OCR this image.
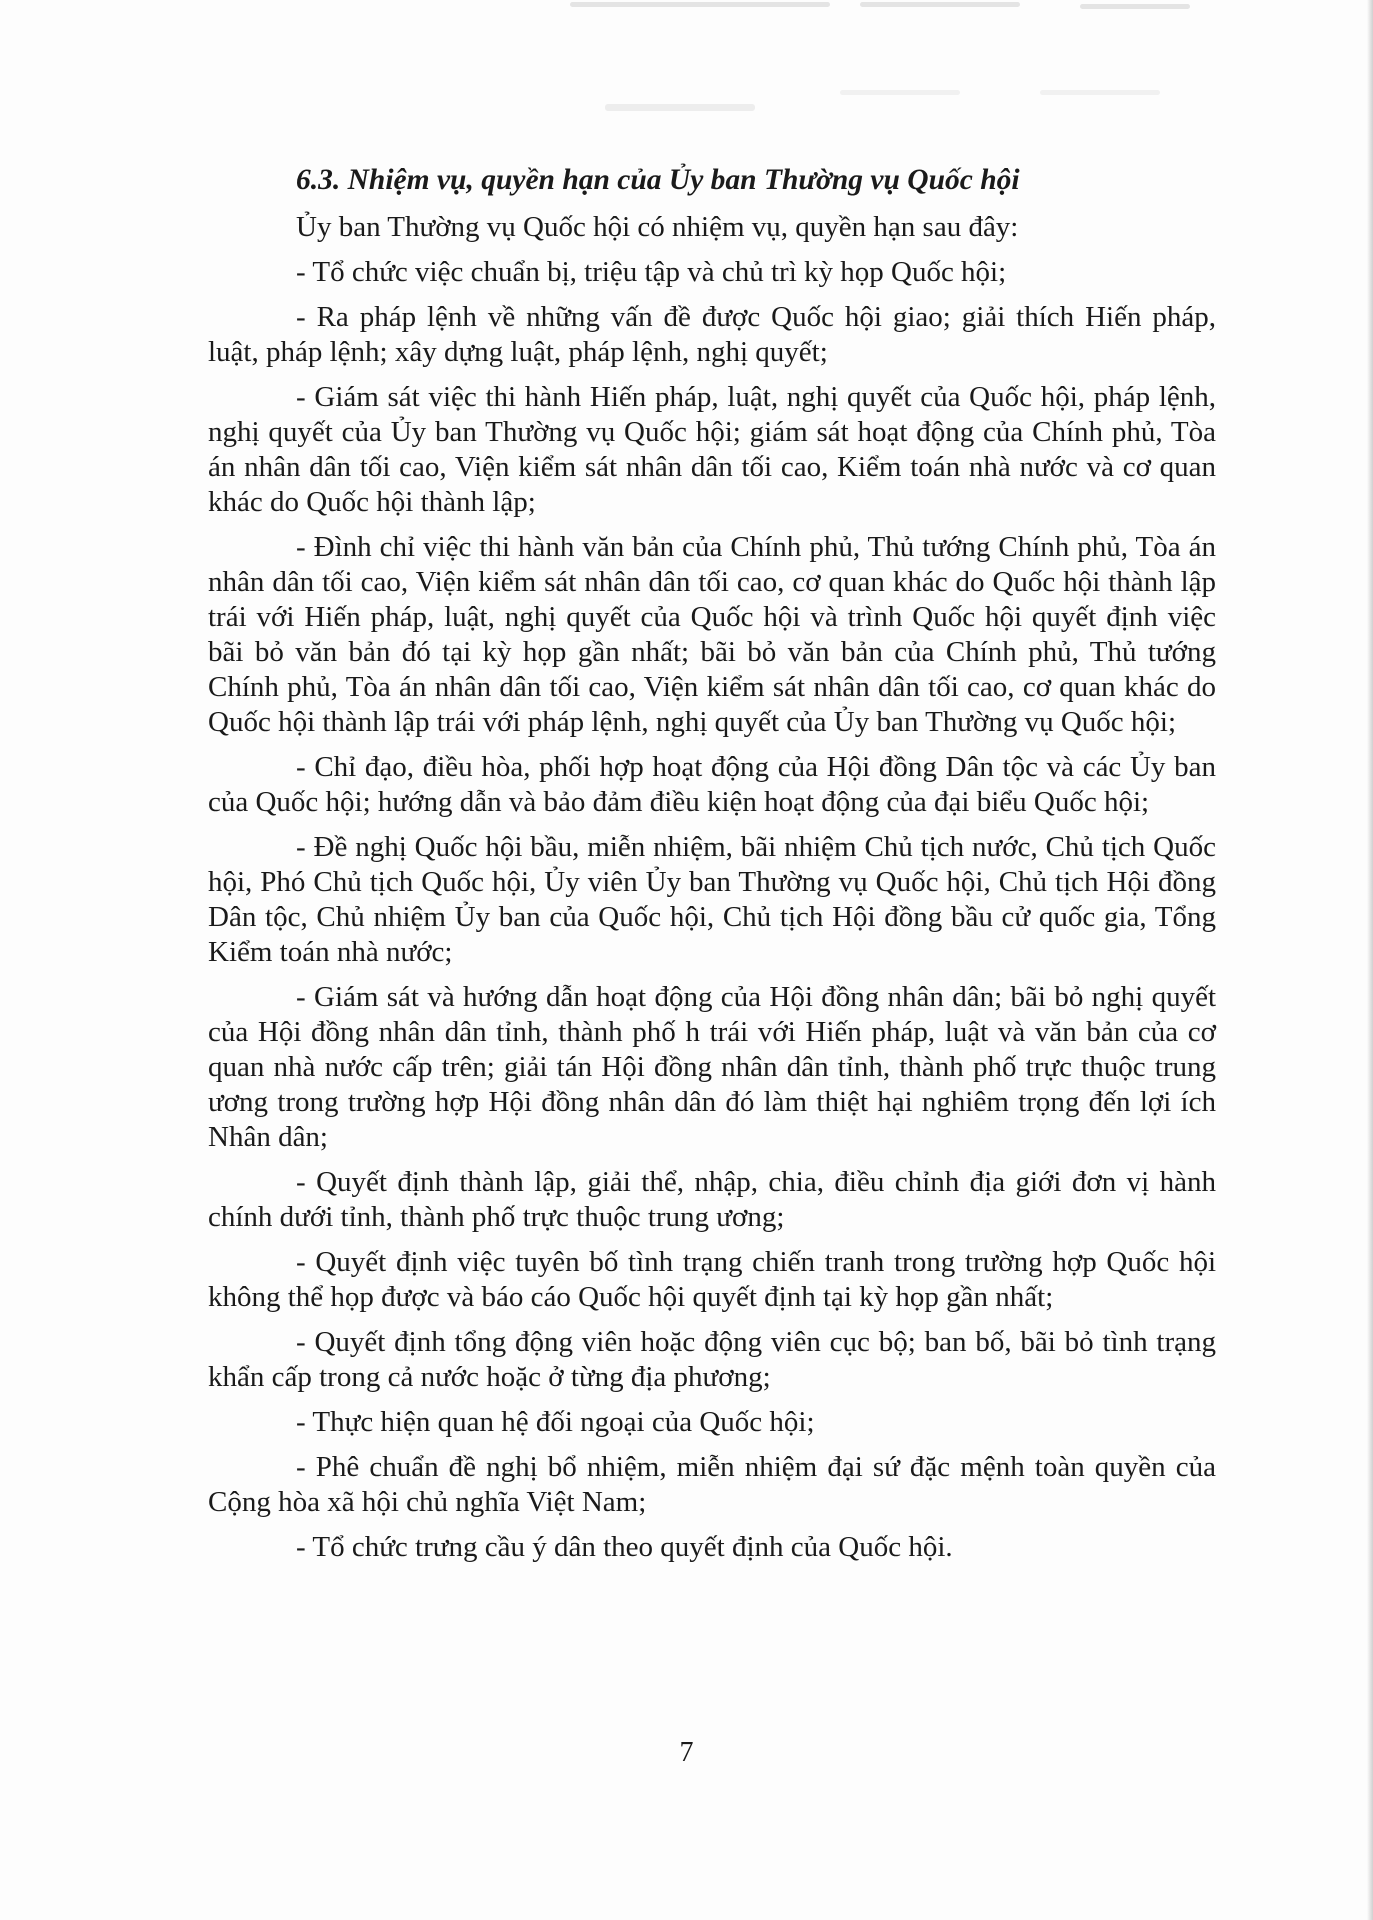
6.3. Nhiệm vụ, quyền hạn của Ủy ban Thường vụ Quốc hội

Ủy ban Thường vụ Quốc hội có nhiệm vụ, quyền hạn sau đây:

- Tổ chức việc chuẩn bị, triệu tập và chủ trì kỳ họp Quốc hội;

- Ra pháp lệnh về những vấn đề được Quốc hội giao; giải thích Hiến pháp, luật, pháp lệnh; xây dựng luật, pháp lệnh, nghị quyết;

- Giám sát việc thi hành Hiến pháp, luật, nghị quyết của Quốc hội, pháp lệnh, nghị quyết của Ủy ban Thường vụ Quốc hội; giám sát hoạt động của Chính phủ, Tòa án nhân dân tối cao, Viện kiểm sát nhân dân tối cao, Kiểm toán nhà nước và cơ quan khác do Quốc hội thành lập;

- Đình chỉ việc thi hành văn bản của Chính phủ, Thủ tướng Chính phủ, Tòa án nhân dân tối cao, Viện kiểm sát nhân dân tối cao, cơ quan khác do Quốc hội thành lập trái với Hiến pháp, luật, nghị quyết của Quốc hội và trình Quốc hội quyết định việc bãi bỏ văn bản đó tại kỳ họp gần nhất; bãi bỏ văn bản của Chính phủ, Thủ tướng Chính phủ, Tòa án nhân dân tối cao, Viện kiểm sát nhân dân tối cao, cơ quan khác do Quốc hội thành lập trái với pháp lệnh, nghị quyết của Ủy ban Thường vụ Quốc hội;

- Chỉ đạo, điều hòa, phối hợp hoạt động của Hội đồng Dân tộc và các Ủy ban của Quốc hội; hướng dẫn và bảo đảm điều kiện hoạt động của đại biểu Quốc hội;

- Đề nghị Quốc hội bầu, miễn nhiệm, bãi nhiệm Chủ tịch nước, Chủ tịch Quốc hội, Phó Chủ tịch Quốc hội, Ủy viên Ủy ban Thường vụ Quốc hội, Chủ tịch Hội đồng Dân tộc, Chủ nhiệm Ủy ban của Quốc hội, Chủ tịch Hội đồng bầu cử quốc gia, Tổng Kiểm toán nhà nước;

- Giám sát và hướng dẫn hoạt động của Hội đồng nhân dân; bãi bỏ nghị quyết của Hội đồng nhân dân tỉnh, thành phố h trái với Hiến pháp, luật và văn bản của cơ quan nhà nước cấp trên; giải tán Hội đồng nhân dân tỉnh, thành phố trực thuộc trung ương trong trường hợp Hội đồng nhân dân đó làm thiệt hại nghiêm trọng đến lợi ích Nhân dân;

- Quyết định thành lập, giải thể, nhập, chia, điều chỉnh địa giới đơn vị hành chính dưới tỉnh, thành phố trực thuộc trung ương;

- Quyết định việc tuyên bố tình trạng chiến tranh trong trường hợp Quốc hội không thể họp được và báo cáo Quốc hội quyết định tại kỳ họp gần nhất;

- Quyết định tổng động viên hoặc động viên cục bộ; ban bố, bãi bỏ tình trạng khẩn cấp trong cả nước hoặc ở từng địa phương;

- Thực hiện quan hệ đối ngoại của Quốc hội;

- Phê chuẩn đề nghị bổ nhiệm, miễn nhiệm đại sứ đặc mệnh toàn quyền của Cộng hòa xã hội chủ nghĩa Việt Nam;

- Tổ chức trưng cầu ý dân theo quyết định của Quốc hội.

7
